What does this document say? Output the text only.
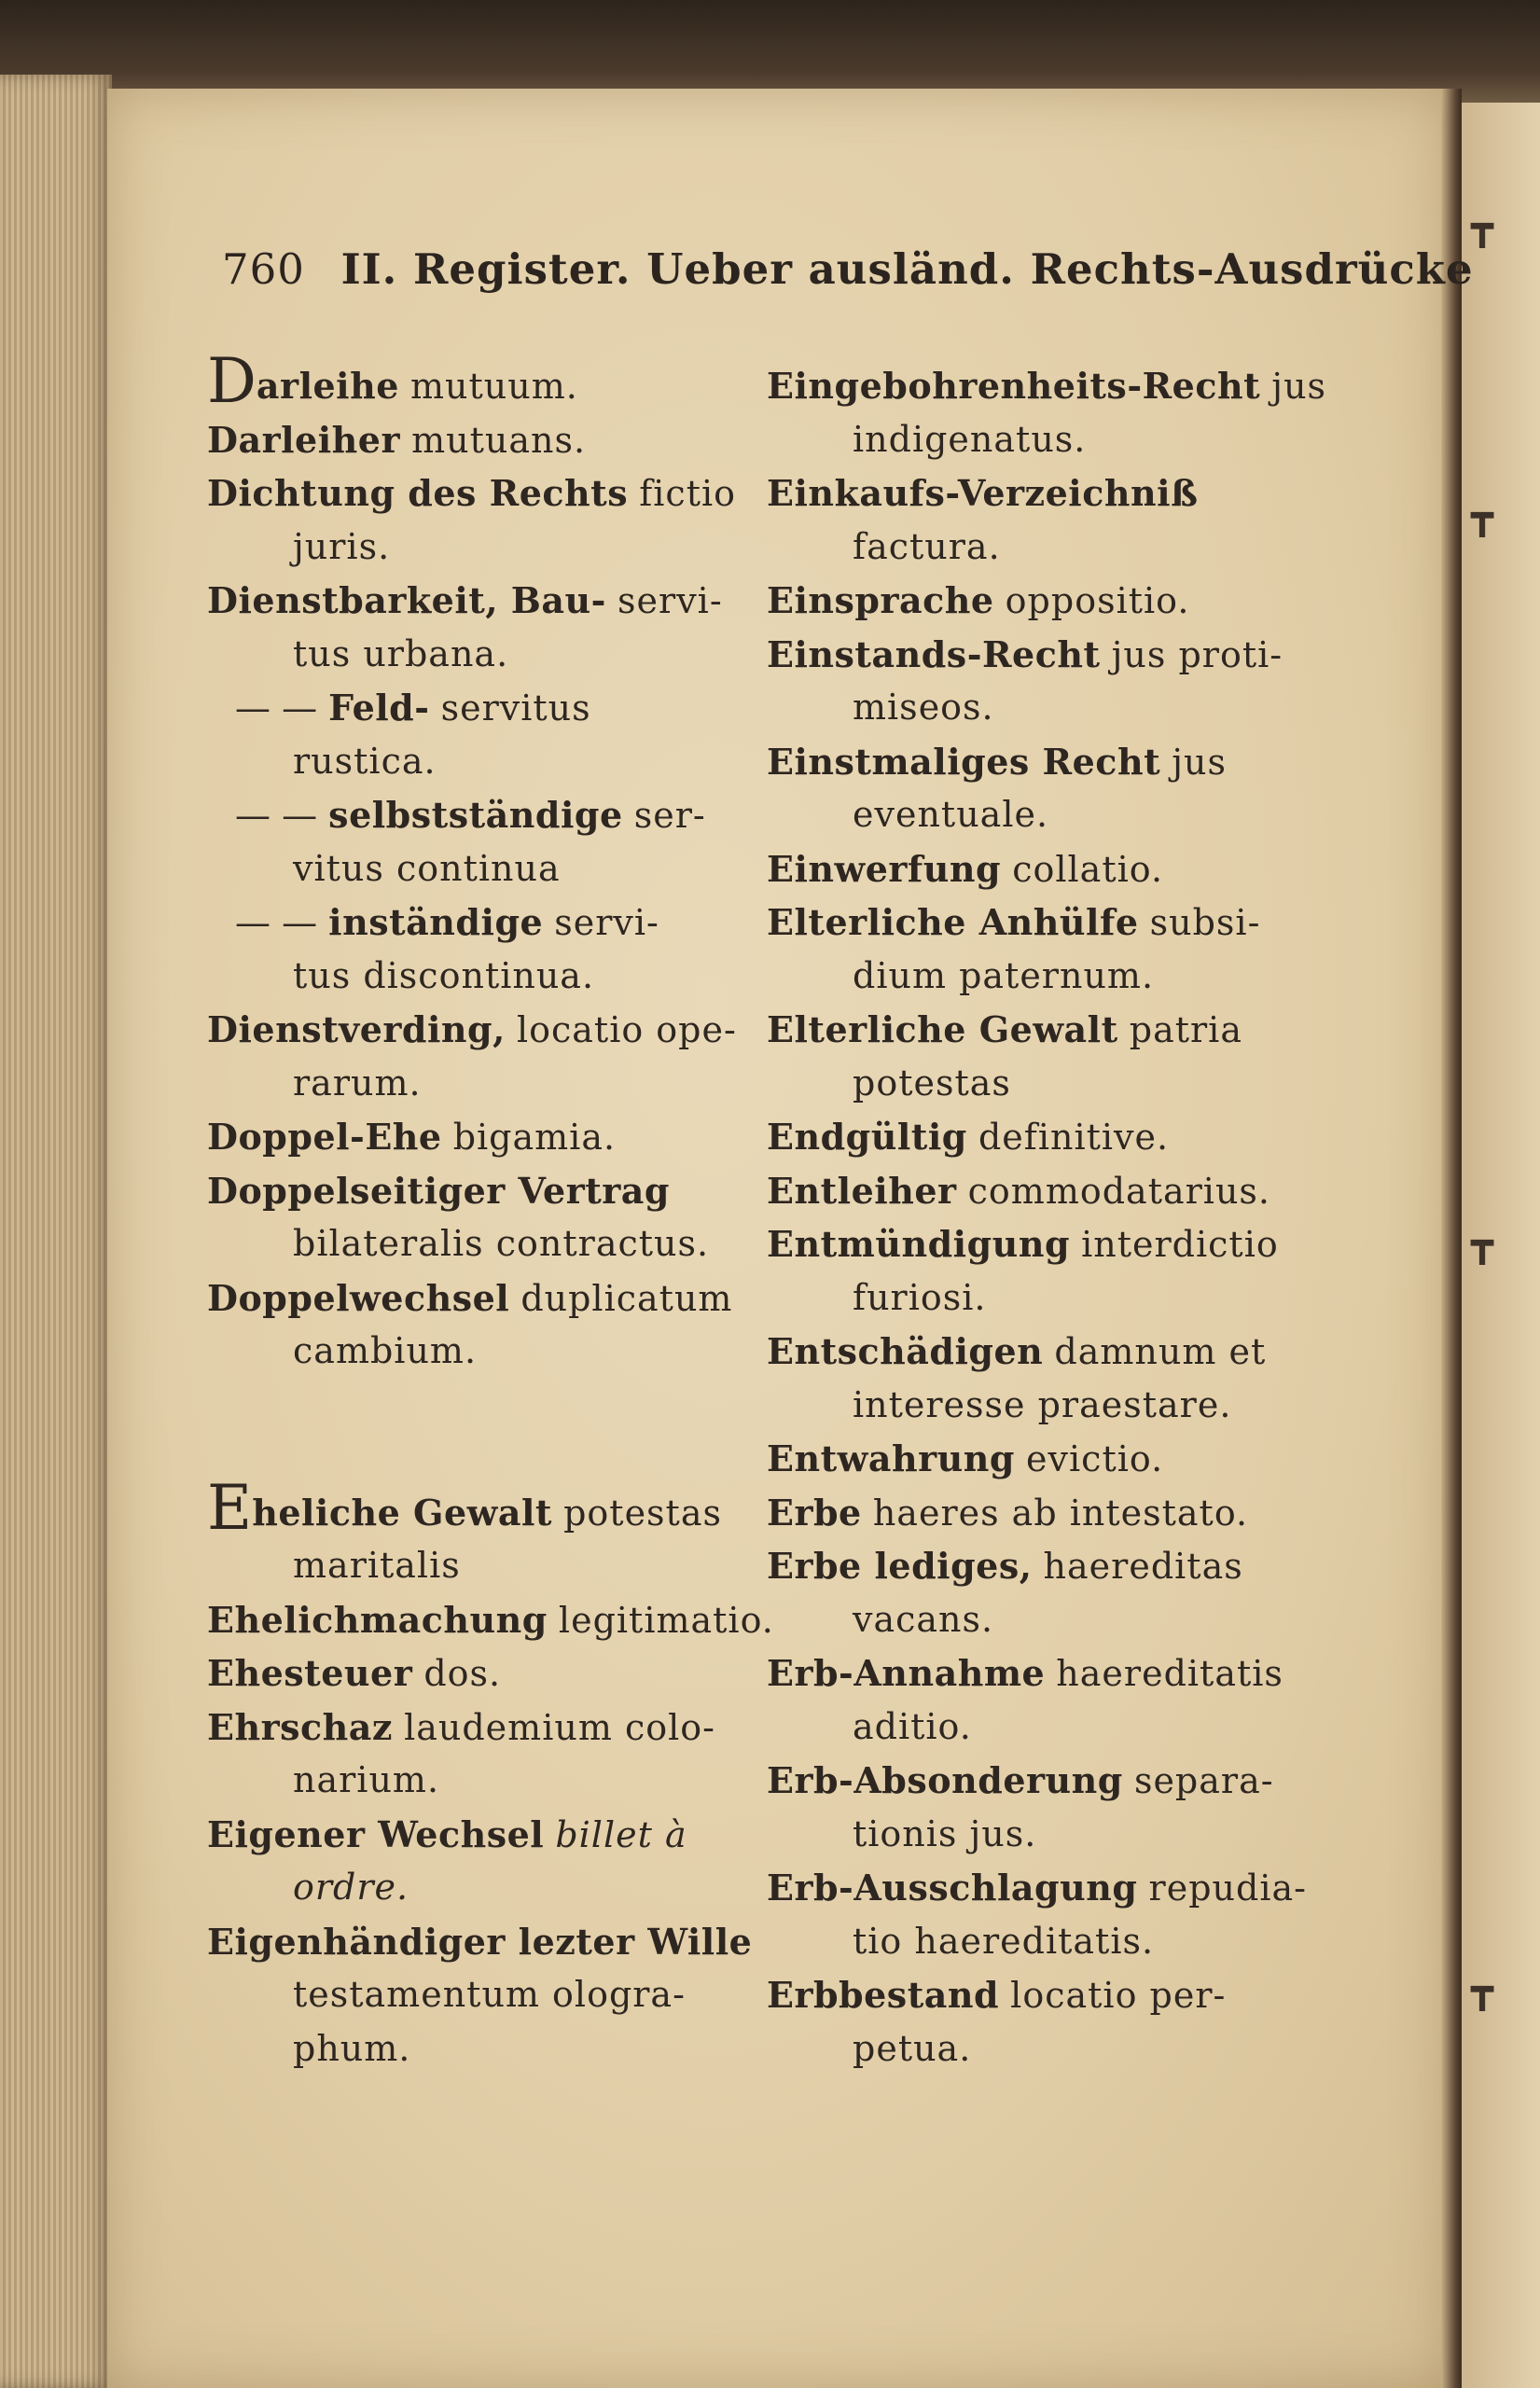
┳
┳
┳
┳
760 II. Register. Ueber ausländ. Rechts-Ausdrücke
Darleihe mutuum.
Darleiher mutuans.
Dichtung des Rechts fictio
juris.
Dienstbarkeit, Bau- servi-
tus urbana.
— — Feld- servitus
rustica.
— — selbstständige ser-
vitus continua
— — inständige servi-
tus discontinua.
Dienstverding, locatio ope-
rarum.
Doppel-Ehe bigamia.
Doppelseitiger Vertrag
bilateralis contractus.
Doppelwechsel duplicatum
cambium.
Eheliche Gewalt potestas
maritalis
Ehelichmachung legitimatio.
Ehesteuer dos.
Ehrschaz laudemium colo-
narium.
Eigener Wechsel billet à
ordre.
Eigenhändiger lezter Wille
testamentum ologra-
phum.
Eingebohrenheits-Recht jus
indigenatus.
Einkaufs-Verzeichniß
factura.
Einsprache oppositio.
Einstands-Recht jus proti-
miseos.
Einstmaliges Recht jus
eventuale.
Einwerfung collatio.
Elterliche Anhülfe subsi-
dium paternum.
Elterliche Gewalt patria
potestas
Endgültig definitive.
Entleiher commodatarius.
Entmündigung interdictio
furiosi.
Entschädigen damnum et
interesse praestare.
Entwahrung evictio.
Erbe haeres ab intestato.
Erbe lediges, haereditas
vacans.
Erb-Annahme haereditatis
aditio.
Erb-Absonderung separa-
tionis jus.
Erb-Ausschlagung repudia-
tio haereditatis.
Erbbestand locatio per-
petua.
